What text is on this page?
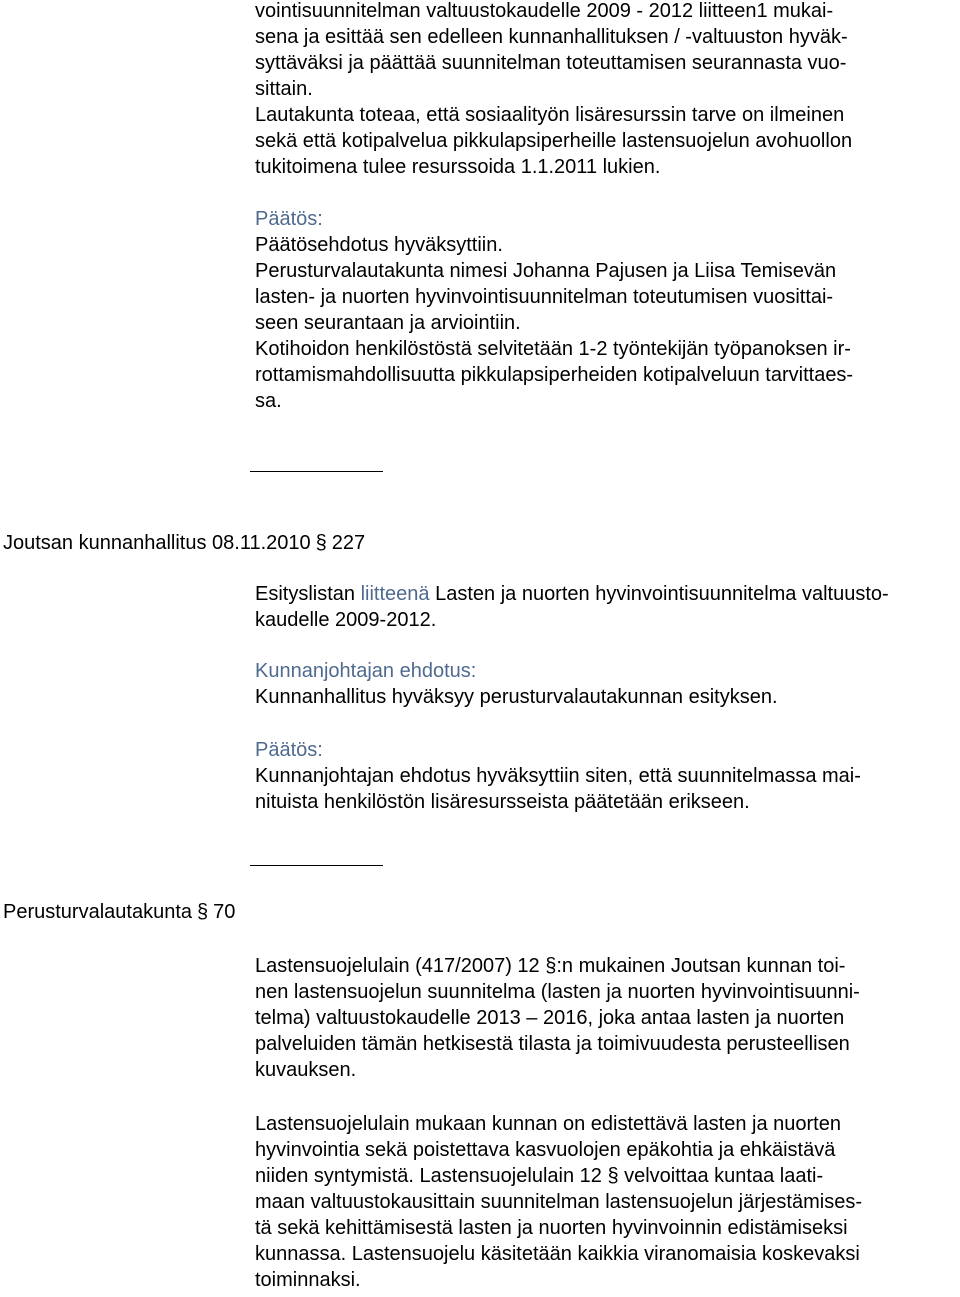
vointisuunnitelman valtuustokaudelle 2009 - 2012 liitteen1 mukai-
sena ja esittää sen edelleen kunnanhallituksen / -valtuuston hyväk-
syttäväksi ja päättää suunnitelman toteuttamisen seurannasta vuo-
sittain.
Lautakunta toteaa, että sosiaalityön lisäresurssin tarve on ilmeinen
sekä että kotipalvelua pikkulapsiperheille lastensuojelun avohuollon
tukitoimena tulee resurssoida 1.1.2011 lukien.
Päätös:
Päätösehdotus hyväksyttiin.
Perusturvalautakunta nimesi Johanna Pajusen ja Liisa Temisevän
lasten- ja nuorten hyvinvointisuunnitelman toteutumisen vuosittai-
seen seurantaan ja arviointiin.
Kotihoidon henkilöstöstä selvitetään 1-2 työntekijän työpanoksen ir-
rottamismahdollisuutta pikkulapsiperheiden kotipalveluun tarvittaes-
sa.
Joutsan kunnanhallitus 08.11.2010 § 227
Esityslistan liitteenä Lasten ja nuorten hyvinvointisuunnitelma valtuusto-
kaudelle 2009-2012.
Kunnanjohtajan ehdotus:
Kunnanhallitus hyväksyy perusturvalautakunnan esityksen.
Päätös:
Kunnanjohtajan ehdotus hyväksyttiin siten, että suunnitelmassa mai-
nituista henkilöstön lisäresursseista päätetään erikseen.
Perusturvalautakunta § 70
Lastensuojelulain (417/2007) 12 §:n mukainen Joutsan kunnan toi-
nen lastensuojelun suunnitelma (lasten ja nuorten hyvinvointisuunni-
telma) valtuustokaudelle 2013 – 2016, joka antaa lasten ja nuorten
palveluiden tämän hetkisestä tilasta ja toimivuudesta perusteellisen
kuvauksen.
Lastensuojelulain mukaan kunnan on edistettävä lasten ja nuorten
hyvinvointia sekä poistettava kasvuolojen epäkohtia ja ehkäistävä
niiden syntymistä. Lastensuojelulain 12 § velvoittaa kuntaa laati-
maan valtuustokausittain suunnitelman lastensuojelun järjestämises-
tä sekä kehittämisestä lasten ja nuorten hyvinvoinnin edistämiseksi
kunnassa. Lastensuojelu käsitetään kaikkia viranomaisia koskevaksi
toiminnaksi.
